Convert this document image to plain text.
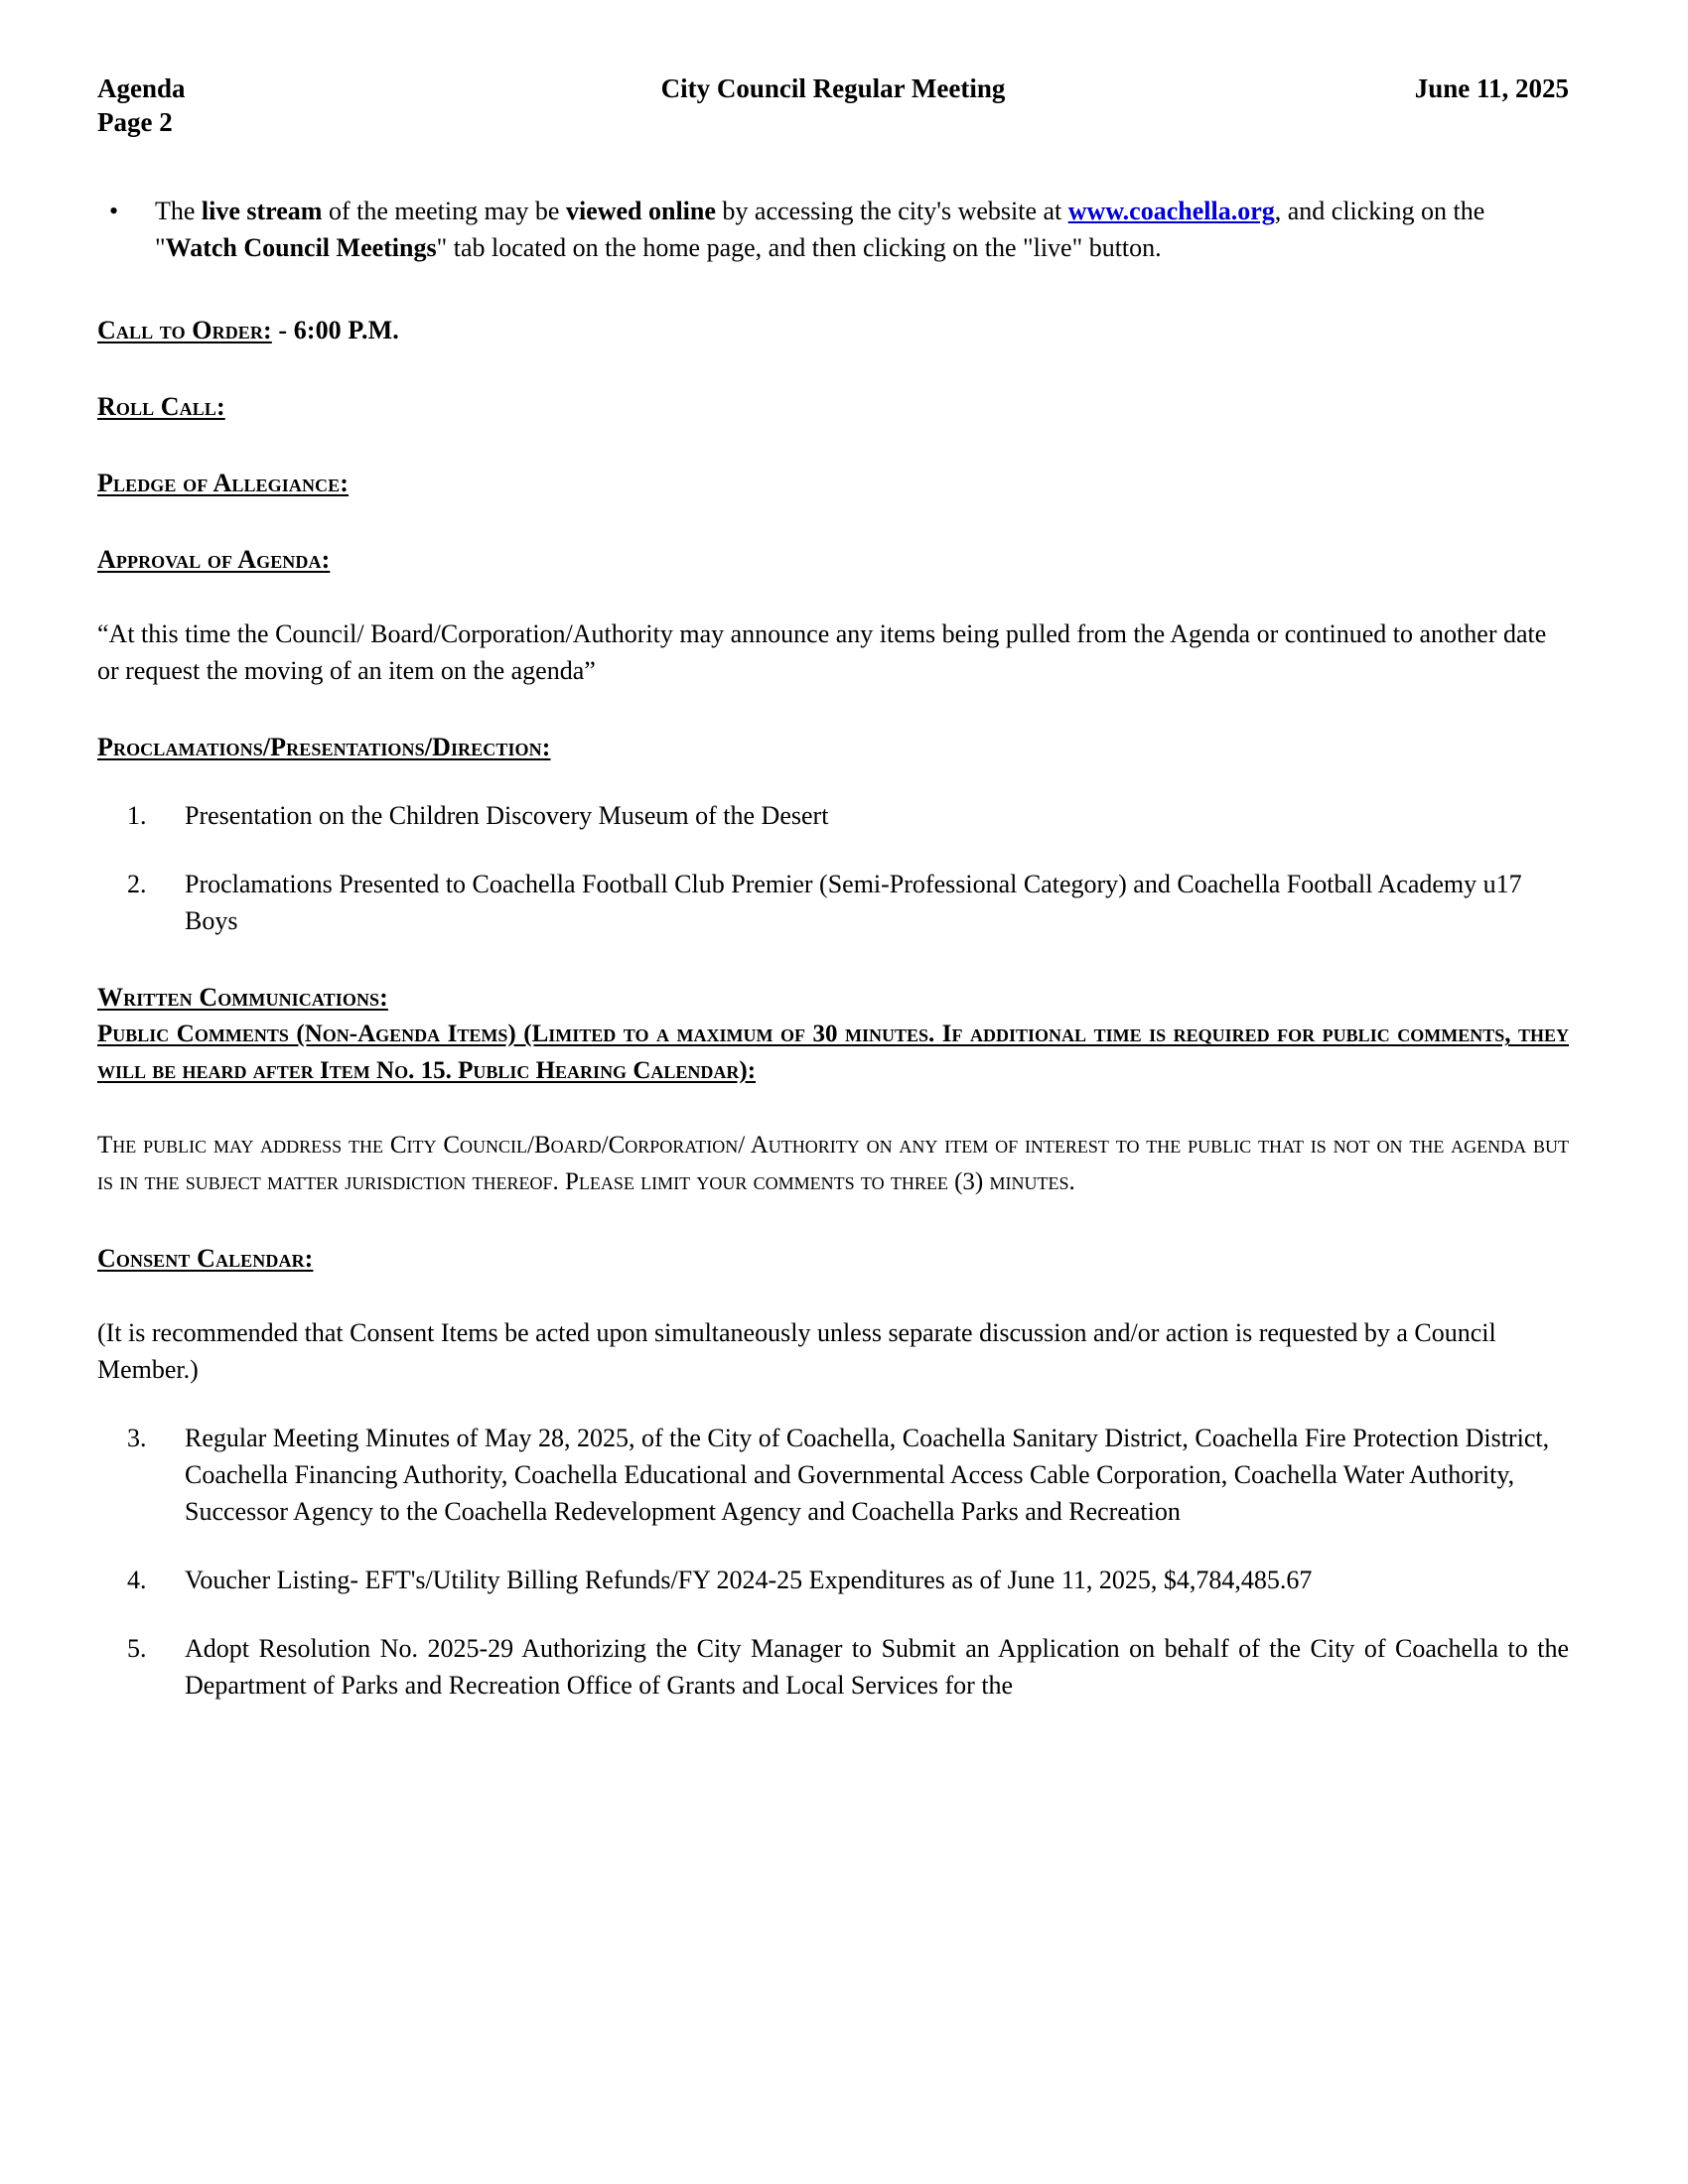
Agenda
Page 2
City Council Regular Meeting	June 11, 2025
• The live stream of the meeting may be viewed online by accessing the city's website at www.coachella.org, and clicking on the "Watch Council Meetings" tab located on the home page, and then clicking on the "live" button.

Call to Order: - 6:00 P.M.

Roll Call:

Pledge of Allegiance:

Approval of Agenda:

“At this time the Council/ Board/Corporation/Authority may announce any items being pulled from the Agenda or continued to another date or request the moving of an item on the agenda”

Proclamations/Presentations/Direction:

1.	Presentation on the Children Discovery Museum of the Desert
2.	Proclamations Presented to Coachella Football Club Premier (Semi-Professional Category) and Coachella Football Academy u17 Boys

Written Communications:

Public Comments (Non-Agenda Items) (Limited to a maximum of 30 minutes. If additional time is required for public comments, they will be heard after Item No. 15. Public Hearing Calendar):

The public may address the City Council/Board/Corporation/ Authority on any item of interest to the public that is not on the agenda but is in the subject matter jurisdiction thereof. Please limit your comments to three (3) minutes.

Consent Calendar:

(It is recommended that Consent Items be acted upon simultaneously unless separate discussion and/or action is requested by a Council Member.)

3.	Regular Meeting Minutes of May 28, 2025, of the City of Coachella, Coachella Sanitary District, Coachella Fire Protection District, Coachella Financing Authority, Coachella Educational and Governmental Access Cable Corporation, Coachella Water Authority, Successor Agency to the Coachella Redevelopment Agency and Coachella Parks and Recreation
4.	Voucher Listing- EFT's/Utility Billing Refunds/FY 2024-25 Expenditures as of June 11, 2025, $4,784,485.67
5.	Adopt Resolution No. 2025-29 Authorizing the City Manager to Submit an Application on behalf of the City of Coachella to the Department of Parks and Recreation Office of Grants and Local Services for the
